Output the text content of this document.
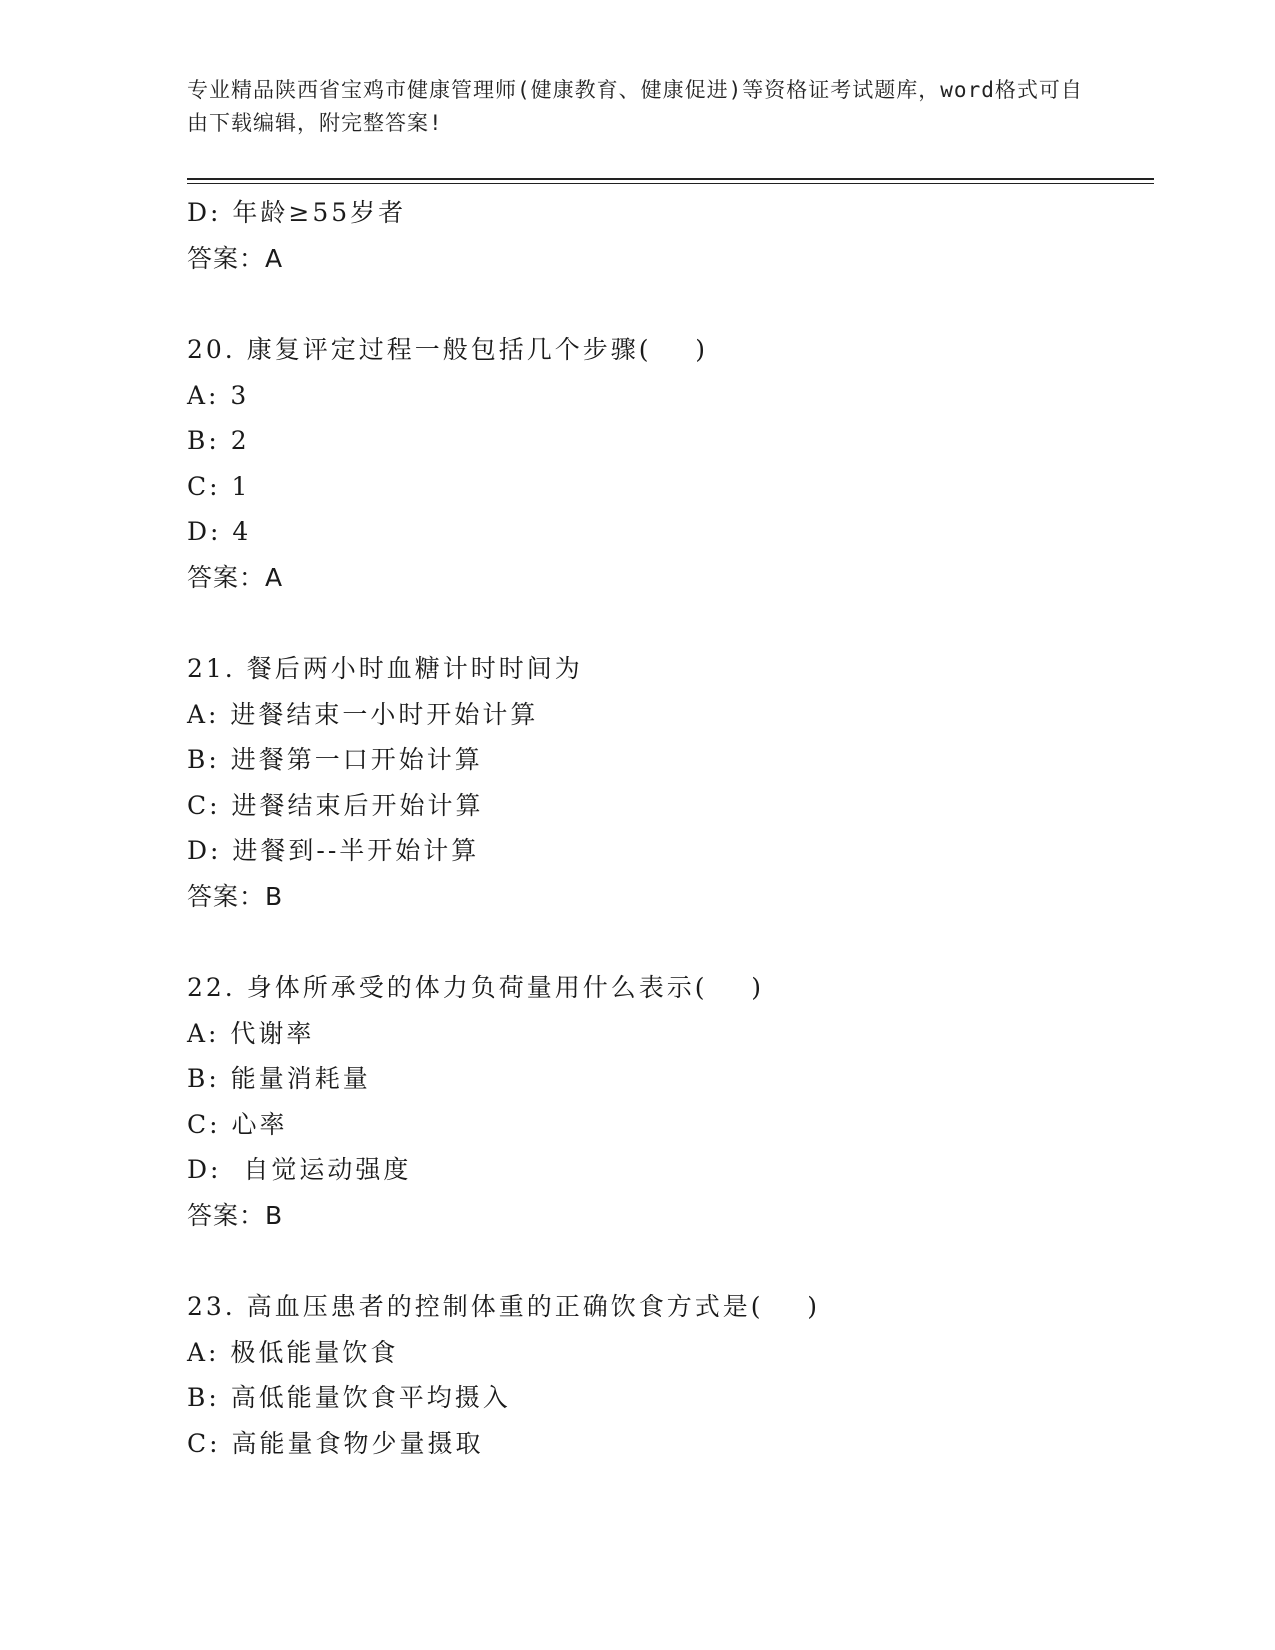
专业精品陕西省宝鸡市健康管理师(健康教育、健康促进)等资格证考试题库，word格式可自由下载编辑，附完整答案!
D: 年龄≥55岁者
答案：A
20. 康复评定过程一般包括几个步骤(    )
A: 3
B: 2
C: 1
D: 4
答案：A
21. 餐后两小时血糖计时时间为
A: 进餐结束一小时开始计算
B: 进餐第一口开始计算
C: 进餐结束后开始计算
D: 进餐到--半开始计算
答案：B
22. 身体所承受的体力负荷量用什么表示(    )
A: 代谢率
B: 能量消耗量
C: 心率
D:  自觉运动强度
答案：B
23. 高血压患者的控制体重的正确饮食方式是(    )
A: 极低能量饮食
B: 高低能量饮食平均摄入
C: 高能量食物少量摄取
